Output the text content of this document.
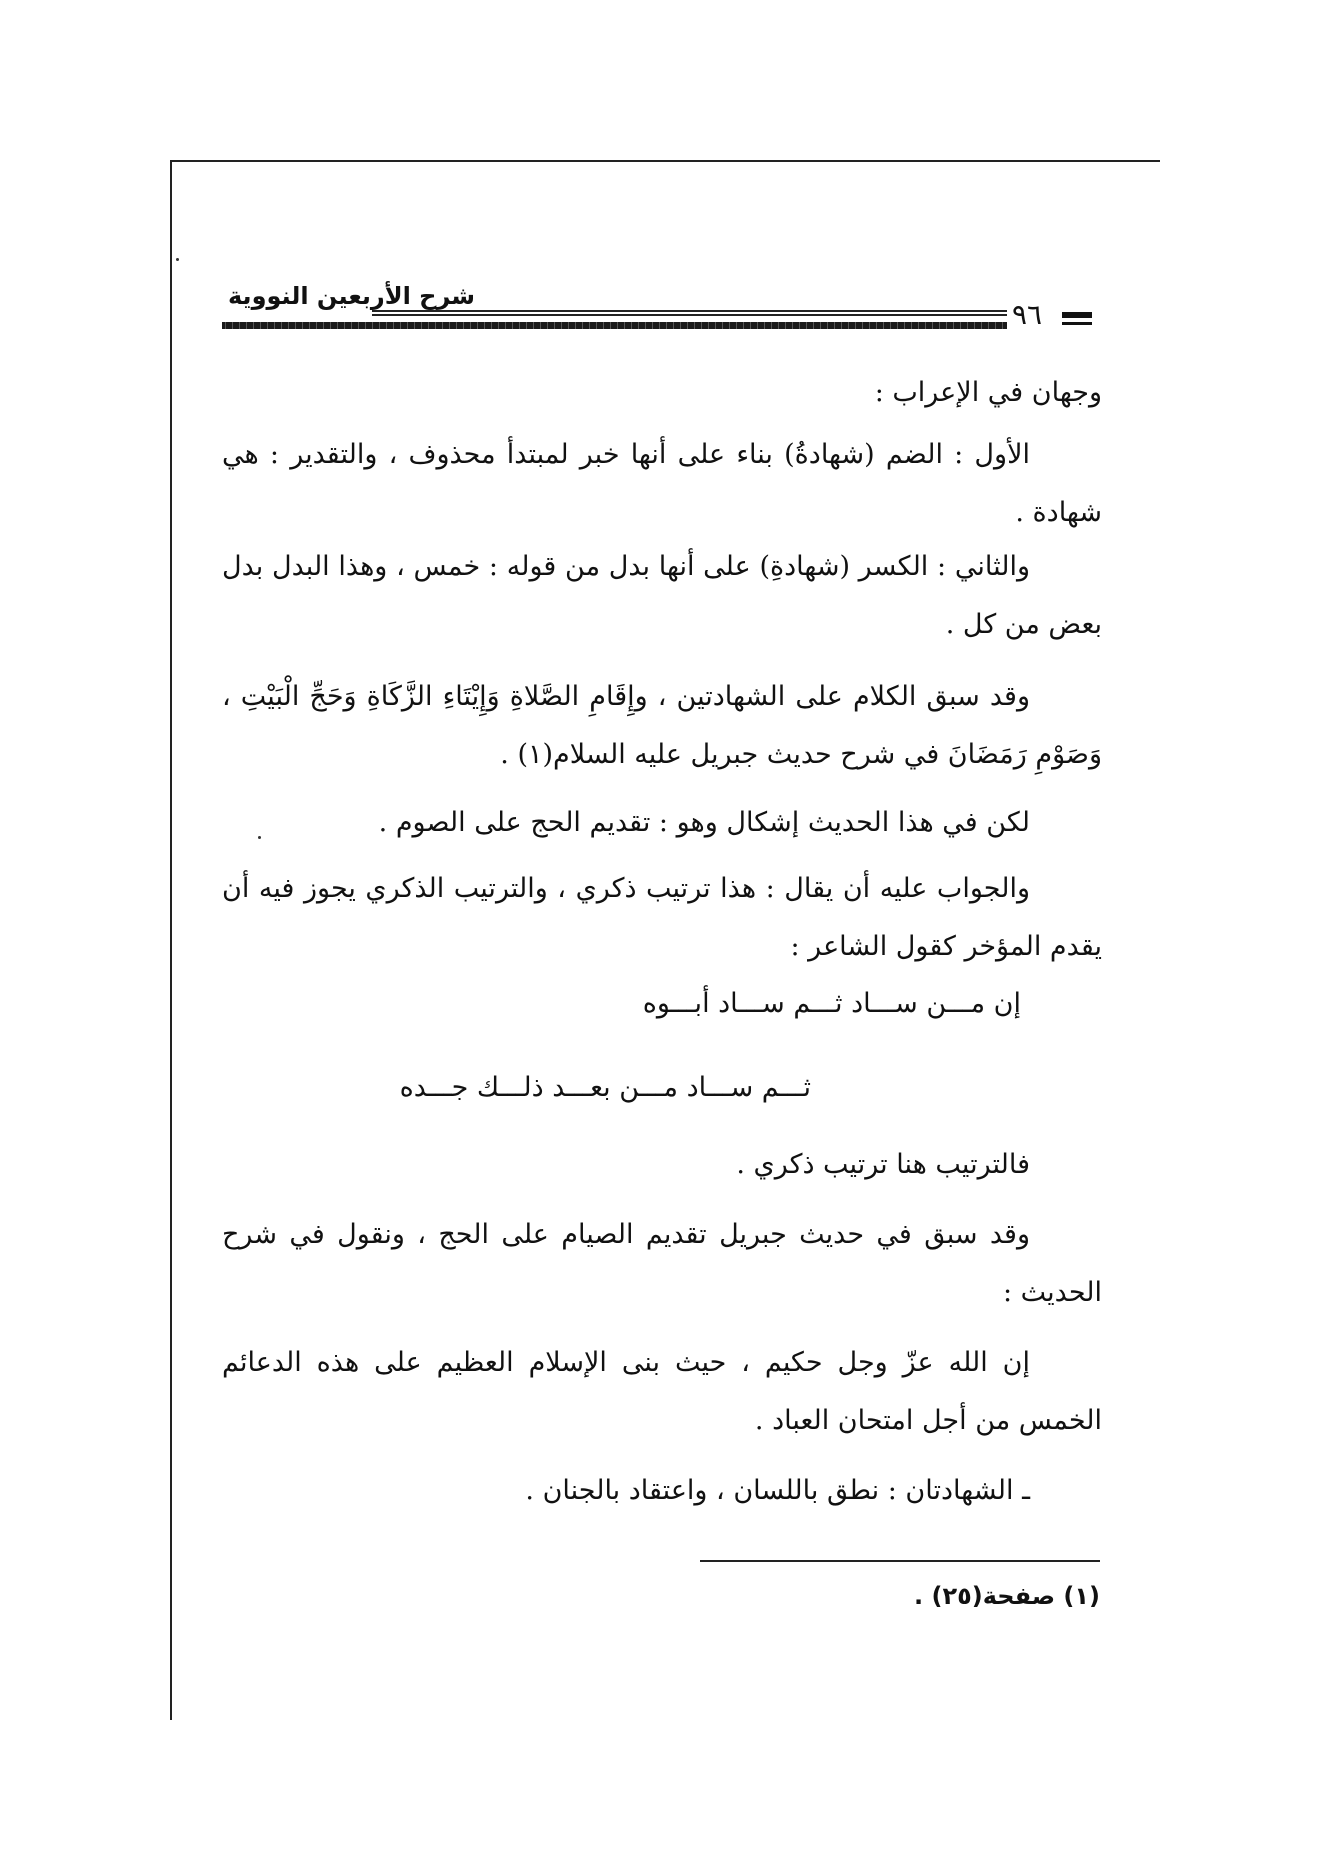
شرح الأربعين النووية
٩٦
وجهان في الإعراب :
الأول : الضم (شهادةُ) بناء على أنها خبر لمبتدأ محذوف ، والتقدير : هي شهادة .
والثاني : الكسر (شهادةِ) على أنها بدل من قوله : خمس ، وهذا البدل بدل بعض من كل .
وقد سبق الكلام على الشهادتين ، وإِقَامِ الصَّلاةِ وَإِيْتَاءِ الزَّكَاةِ وَحَجِّ الْبَيْتِ ، وَصَوْمِ رَمَضَانَ في شرح حديث جبريل عليه السلام(١) .
لكن في هذا الحديث إشكال وهو : تقديم الحج على الصوم .
والجواب عليه أن يقال : هذا ترتيب ذكري ، والترتيب الذكري يجوز فيه أن يقدم المؤخر كقول الشاعر :
إن مـــن ســـاد ثـــم ســـاد أبـــوه
ثـــم ســـاد مـــن بعـــد ذلـــك جـــده
فالترتيب هنا ترتيب ذكري .
وقد سبق في حديث جبريل تقديم الصيام على الحج ، ونقول في شرح الحديث :
إن الله عزّ وجل حكيم ، حيث بنى الإسلام العظيم على هذه الدعائم الخمس من أجل امتحان العباد .
ـ الشهادتان : نطق باللسان ، واعتقاد بالجنان .
(١) صفحة(٢٥) .
